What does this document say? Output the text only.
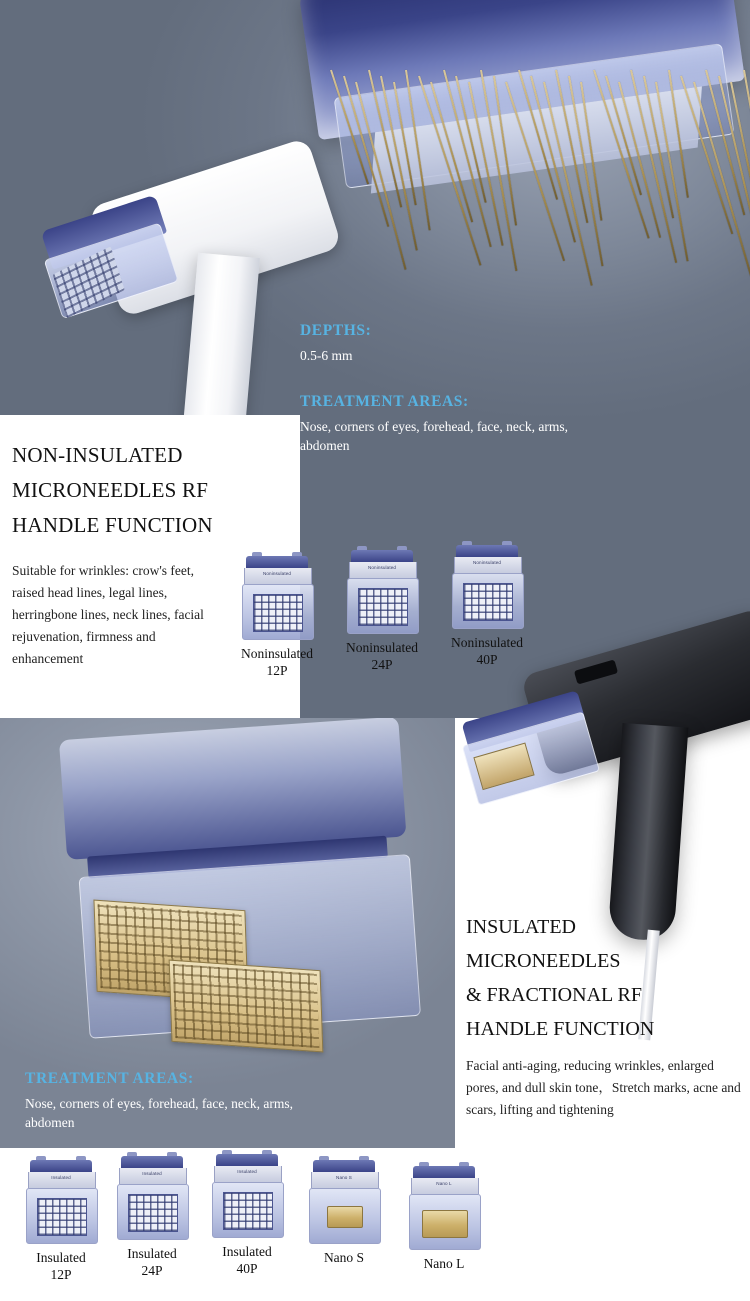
DEPTHS:

0.5-6 mm

TREATMENT AREAS:

Nose, corners of eyes, forehead, face, neck, arms, abdomen

NON-INSULATED

MICRONEEDLES RF

HANDLE FUNCTION

Suitable for wrinkles: crow's feet, raised head lines, legal lines, herringbone lines, neck lines, facial rejuvenation, firmness and enhancement

Noninsulated
Noninsulated
12P
Noninsulated
Noninsulated
24P
Noninsulated
Noninsulated
40P

TREATMENT AREAS:

Nose, corners of eyes, forehead, face, neck, arms, abdomen

INSULATED
MICRONEEDLES
& FRACTIONAL RF
HANDLE FUNCTION
Facial anti-aging, reducing wrinkles, enlarged pores, and dull skin tone，Stretch marks, acne and scars, lifting and tightening
Insulated
Insulated
12P
Insulated
Insulated
24P
Insulated
Insulated
40P
Nano S
Nano S
Nano L
Nano L
